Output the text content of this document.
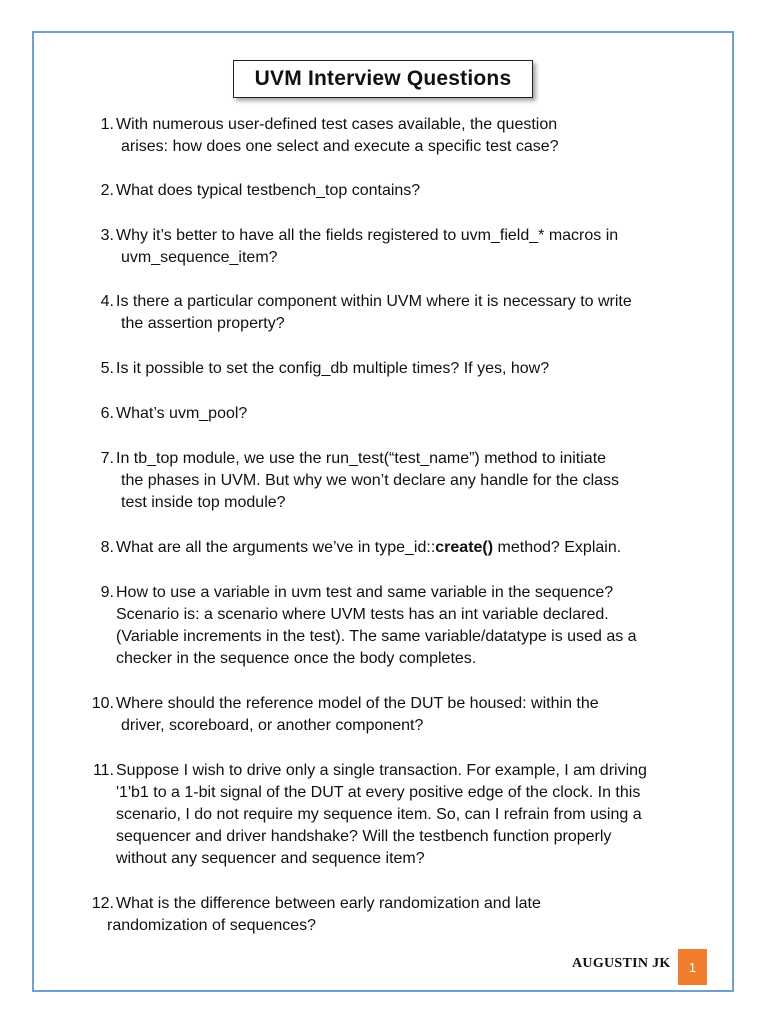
UVM Interview Questions
1. With numerous user-defined test cases available, the question
arises: how does one select and execute a specific test case?
2. What does typical testbench_top contains?
3. Why it’s better to have all the fields registered to uvm_field_* macros in
uvm_sequence_item?
4. Is there a particular component within UVM where it is necessary to write
the assertion property?
5. Is it possible to set the config_db multiple times? If yes, how?
6. What’s uvm_pool?
7. In tb_top module, we use the run_test(“test_name”) method to initiate
the phases in UVM. But why we won’t declare any handle for the class
test inside top module?
8. What are all the arguments we’ve in type_id::create() method? Explain.
9. How to use a variable in uvm test and same variable in the sequence?
Scenario is: a scenario where UVM tests has an int variable declared.
(Variable increments in the test). The same variable/datatype is used as a
checker in the sequence once the body completes.
10. Where should the reference model of the DUT be housed: within the
driver, scoreboard, or another component?
11. Suppose I wish to drive only a single transaction. For example, I am driving
'1'b1 to a 1-bit signal of the DUT at every positive edge of the clock. In this
scenario, I do not require my sequence item. So, can I refrain from using a
sequencer and driver handshake? Will the testbench function properly
without any sequencer and sequence item?
12. What is the difference between early randomization and late
randomization of sequences?
AUGUSTIN JK 1
